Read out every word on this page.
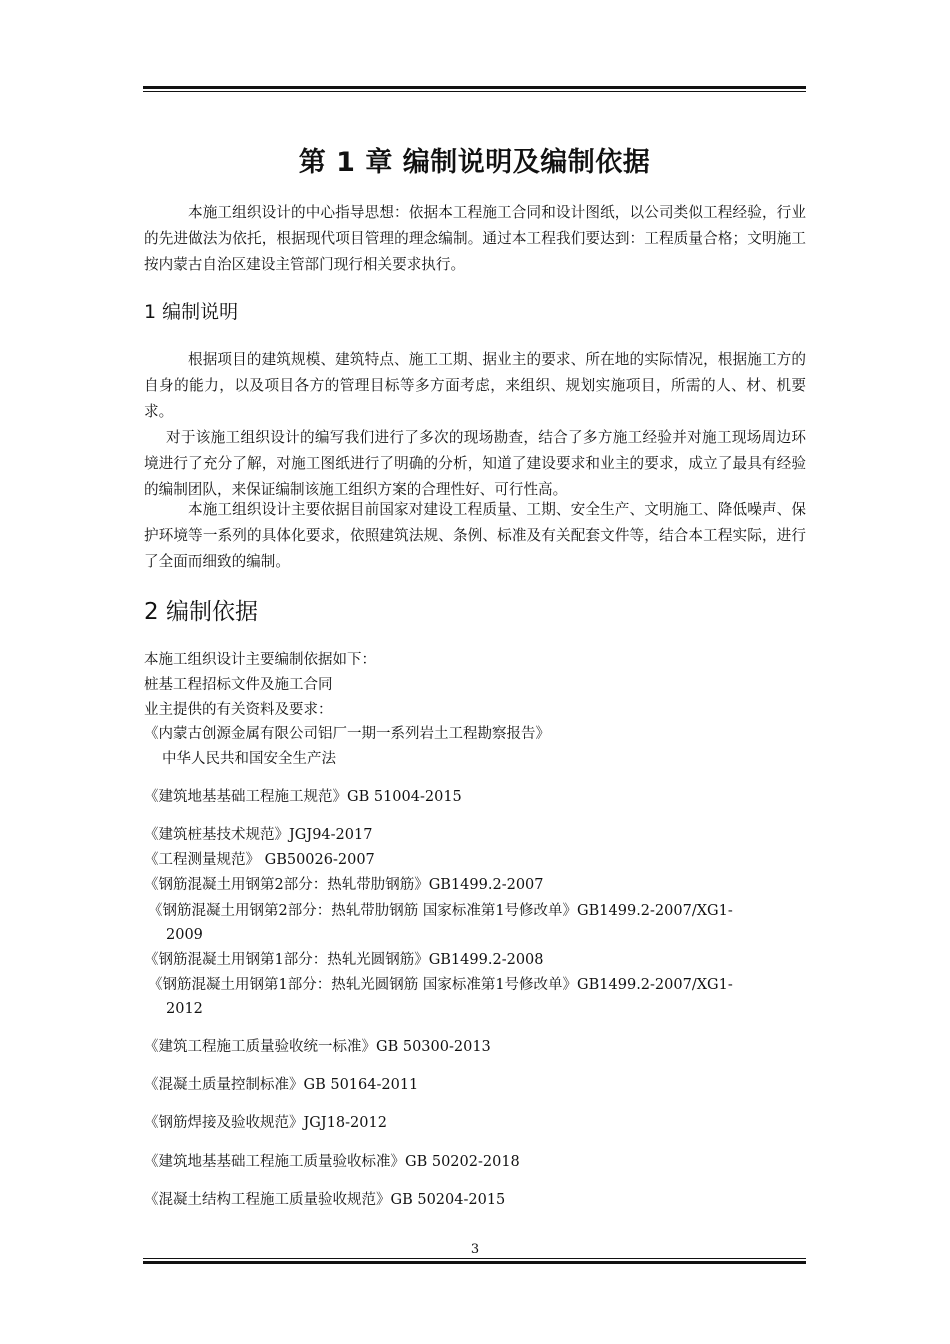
第 1 章 编制说明及编制依据

本施工组织设计的中心指导思想：依据本工程施工合同和设计图纸，以公司类似工程经验，行业的先进做法为依托，根据现代项目管理的理念编制。通过本工程我们要达到：工程质量合格；文明施工按内蒙古自治区建设主管部门现行相关要求执行。

1 编制说明

根据项目的建筑规模、建筑特点、施工工期、据业主的要求、所在地的实际情况，根据施工方的自身的能力，以及项目各方的管理目标等多方面考虑，来组织、规划实施项目，所需的人、材、机要求。

对于该施工组织设计的编写我们进行了多次的现场勘查，结合了多方施工经验并对施工现场周边环境进行了充分了解，对施工图纸进行了明确的分析，知道了建设要求和业主的要求，成立了最具有经验的编制团队，来保证编制该施工组织方案的合理性好、可行性高。

本施工组织设计主要依据目前国家对建设工程质量、工期、安全生产、文明施工、降低噪声、保护环境等一系列的具体化要求，依照建筑法规、条例、标准及有关配套文件等，结合本工程实际，进行了全面而细致的编制。

2 编制依据

本施工组织设计主要编制依据如下：

桩基工程招标文件及施工合同

业主提供的有关资料及要求：

《内蒙古创源金属有限公司铝厂一期一系列岩土工程勘察报告》

中华人民共和国安全生产法

《建筑地基基础工程施工规范》GB 51004-2015

《建筑桩基技术规范》JGJ94-2017

《工程测量规范》 GB50026-2007

《钢筋混凝土用钢第2部分：热轧带肋钢筋》GB1499.2-2007

《钢筋混凝土用钢第2部分：热轧带肋钢筋 国家标准第1号修改单》GB1499.2-2007/XG1-

2009

《钢筋混凝土用钢第1部分：热轧光圆钢筋》GB1499.2-2008

《钢筋混凝土用钢第1部分：热轧光圆钢筋 国家标准第1号修改单》GB1499.2-2007/XG1-

2012

《建筑工程施工质量验收统一标准》GB 50300-2013

《混凝土质量控制标准》GB 50164-2011

《钢筋焊接及验收规范》JGJ18-2012

《建筑地基基础工程施工质量验收标准》GB 50202-2018

《混凝土结构工程施工质量验收规范》GB 50204-2015

3
